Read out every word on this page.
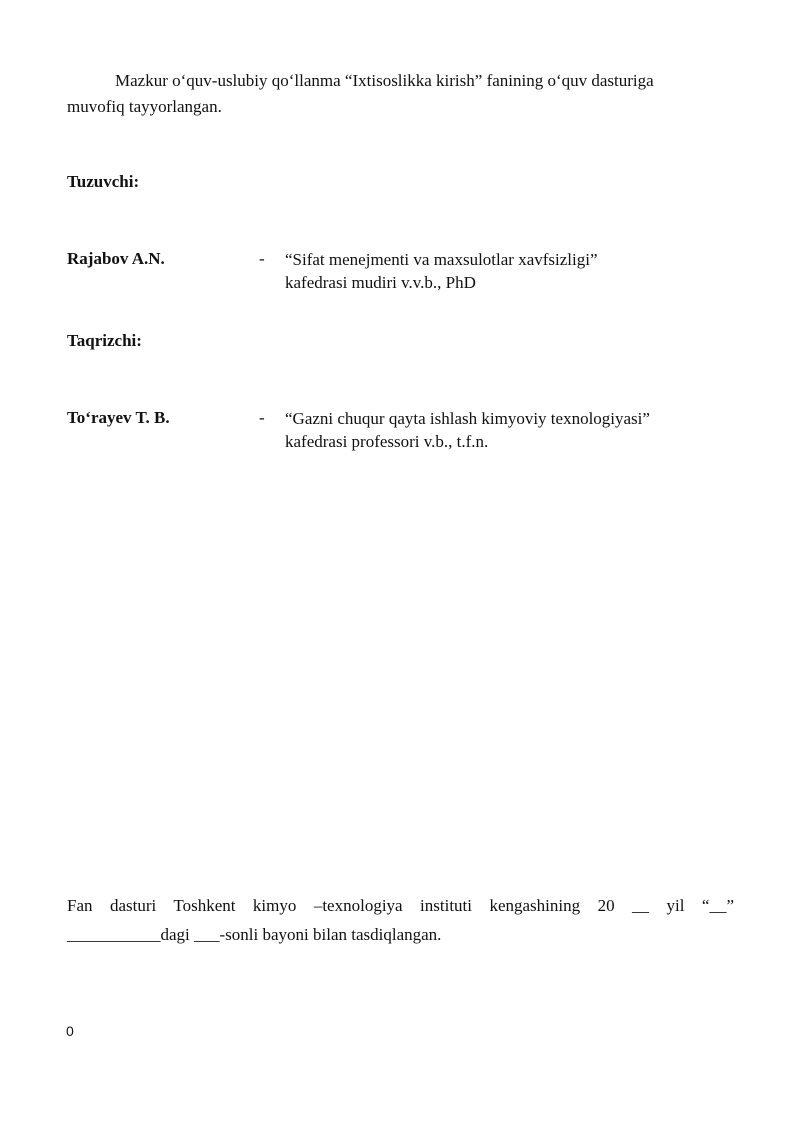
Mazkur o‘quv-uslubiy qo‘llanma “Ixtisoslikka kirish” fanining o‘quv dasturiga
muvofiq tayyorlangan.

Tuzuvchi:

Rajabov A.N.	- “Sifat menejmenti va maxsulotlar xavfsizligi”
kafedrasi mudiri v.v.b., PhD

Taqrizchi:

To‘rayev T. B.	- “Gazni chuqur qayta ishlash kimyoviy texnologiyasi”
kafedrasi professori v.b., t.f.n.

Fan dasturi Toshkent kimyo –texnologiya instituti kengashining 20 __ yil “__”
___________dagi ___-sonli bayoni bilan tasdiqlangan.

0
